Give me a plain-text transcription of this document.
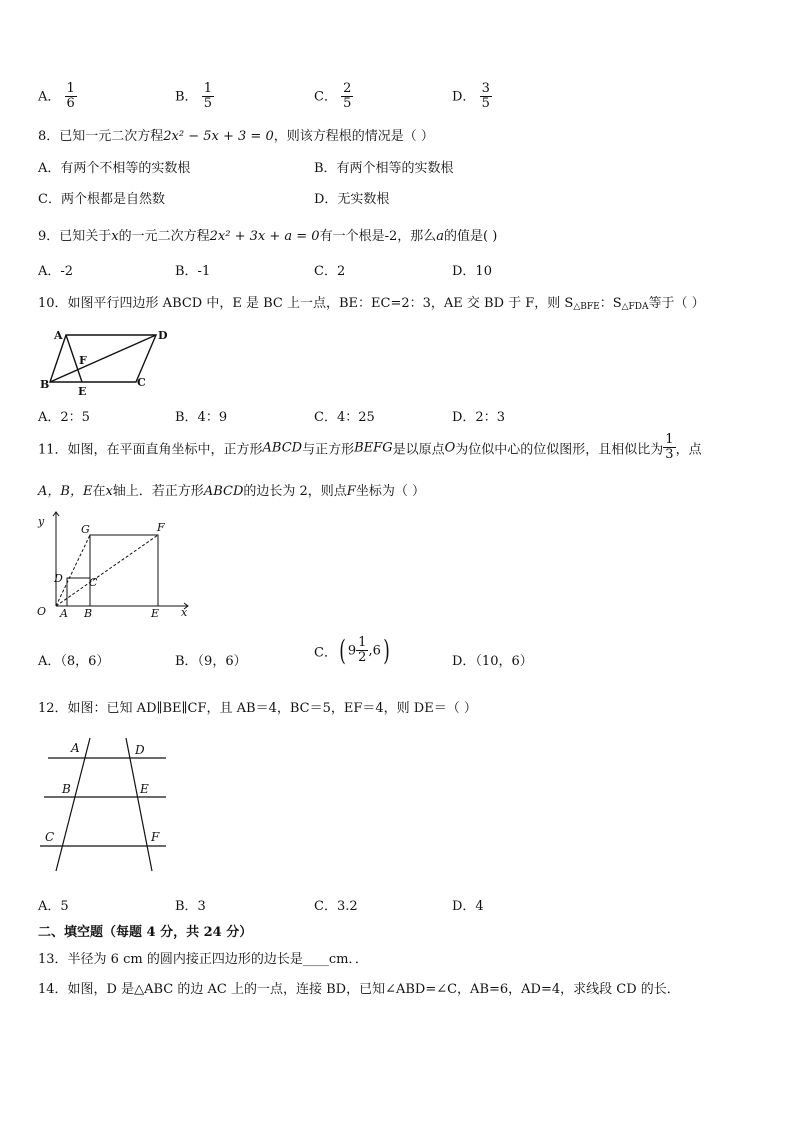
A． $\frac{1}{6}$	B． $\frac{1}{5}$	C． $\frac{2}{5}$	D． $\frac{3}{5}$
8．已知一元二次方程2x² − 5x + 3 = 0，则该方程根的情况是（ ）
A．有两个不相等的实数根	B．有两个相等的实数根
C．两个根都是自然数	D．无实数根
9．已知关于x的一元二次方程2x² + 3x + a = 0有一个根是-2，那么a的值是( )
A．-2	B．-1	C．2	D．10
10．如图平行四边形 ABCD 中，E 是 BC 上一点，BE：EC=2：3，AE 交 BD 于 F，则 $S_{\triangle BFE}$：$S_{\triangle FDA}$等于（ ）
A	D
B	C
E
F
A．2：5	B．4：9	C．4：25	D．2：3
11．如图，在平面直角坐标中，正方形ABCD与正方形BEFG是以原点O为位似中心的位似图形，且相似比为 $\frac{1}{3}$ ，点
A，B，E在x轴上．若正方形ABCD的边长为 2，则点F坐标为（ ）
y
x
O A B	E
G	F
D C
A．（8，6）	B．（9，6）
C．( $9 \frac{1}{2} ,6$)	D．（10，6）
12．如图：已知 AD∥BE∥CF，且 AB＝4，BC＝5，EF＝4，则 DE＝（ ）
A	D
B	E
C	F
A．5	B．3	C．3.2	D．4
二、填空题（每题 4 分，共 24 分）
13．半径为 6 cm 的圆内接正四边形的边长是____cm．．
14．如图，D 是△ABC 的边 AC 上的一点，连接 BD，已知∠ABD=∠C，AB=6，AD=4，求线段 CD 的长．
